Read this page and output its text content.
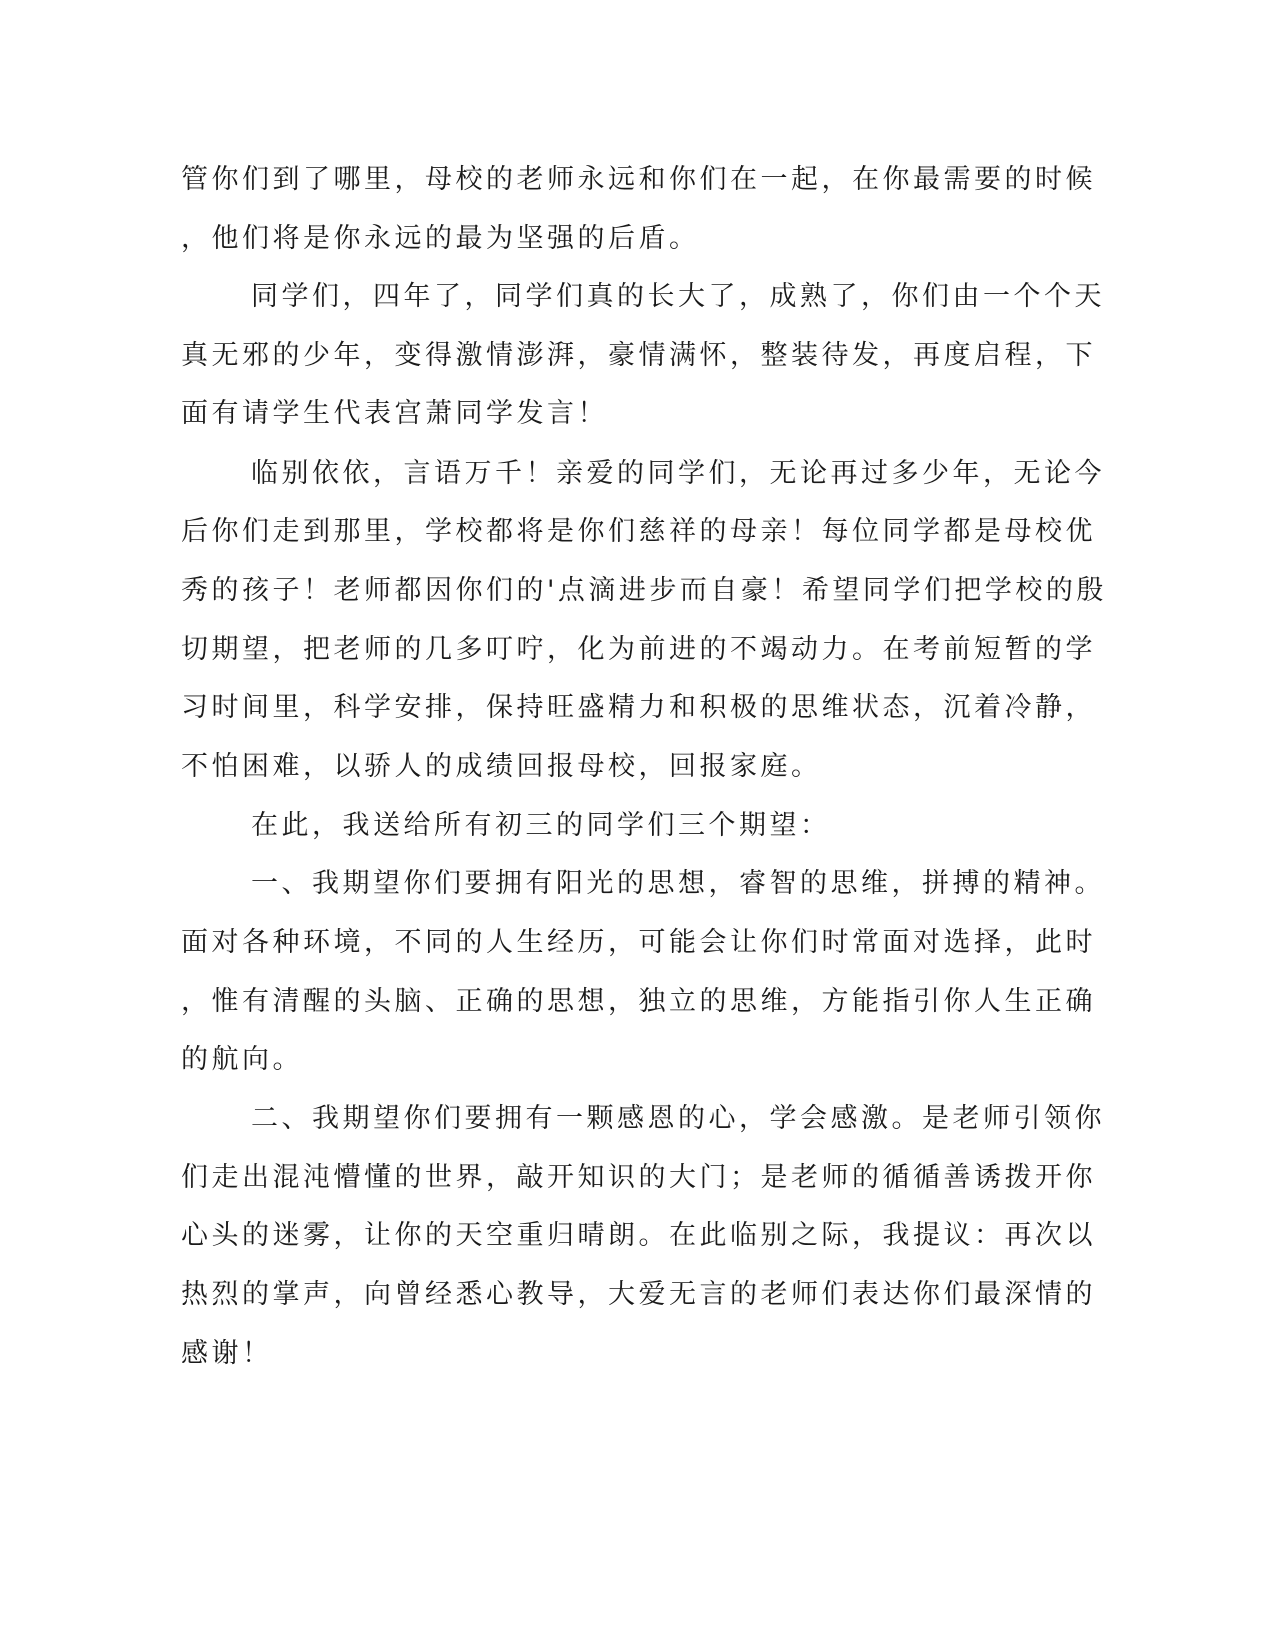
管你们到了哪里，母校的老师永远和你们在一起，在你最需要的时候
，他们将是你永远的最为坚强的后盾。
同学们，四年了，同学们真的长大了，成熟了，你们由一个个天
真无邪的少年，变得激情澎湃，豪情满怀，整装待发，再度启程，下
面有请学生代表宫萧同学发言！
临别依依，言语万千！亲爱的同学们，无论再过多少年，无论今
后你们走到那里，学校都将是你们慈祥的母亲！每位同学都是母校优
秀的孩子！老师都因你们的'点滴进步而自豪！希望同学们把学校的殷
切期望，把老师的几多叮咛，化为前进的不竭动力。在考前短暂的学
习时间里，科学安排，保持旺盛精力和积极的思维状态，沉着冷静，
不怕困难，以骄人的成绩回报母校，回报家庭。
在此，我送给所有初三的同学们三个期望：
一、我期望你们要拥有阳光的思想，睿智的思维，拼搏的精神。
面对各种环境，不同的人生经历，可能会让你们时常面对选择，此时
，惟有清醒的头脑、正确的思想，独立的思维，方能指引你人生正确
的航向。
二、我期望你们要拥有一颗感恩的心，学会感激。是老师引领你
们走出混沌懵懂的世界，敲开知识的大门；是老师的循循善诱拨开你
心头的迷雾，让你的天空重归晴朗。在此临别之际，我提议：再次以
热烈的掌声，向曾经悉心教导，大爱无言的老师们表达你们最深情的
感谢！
